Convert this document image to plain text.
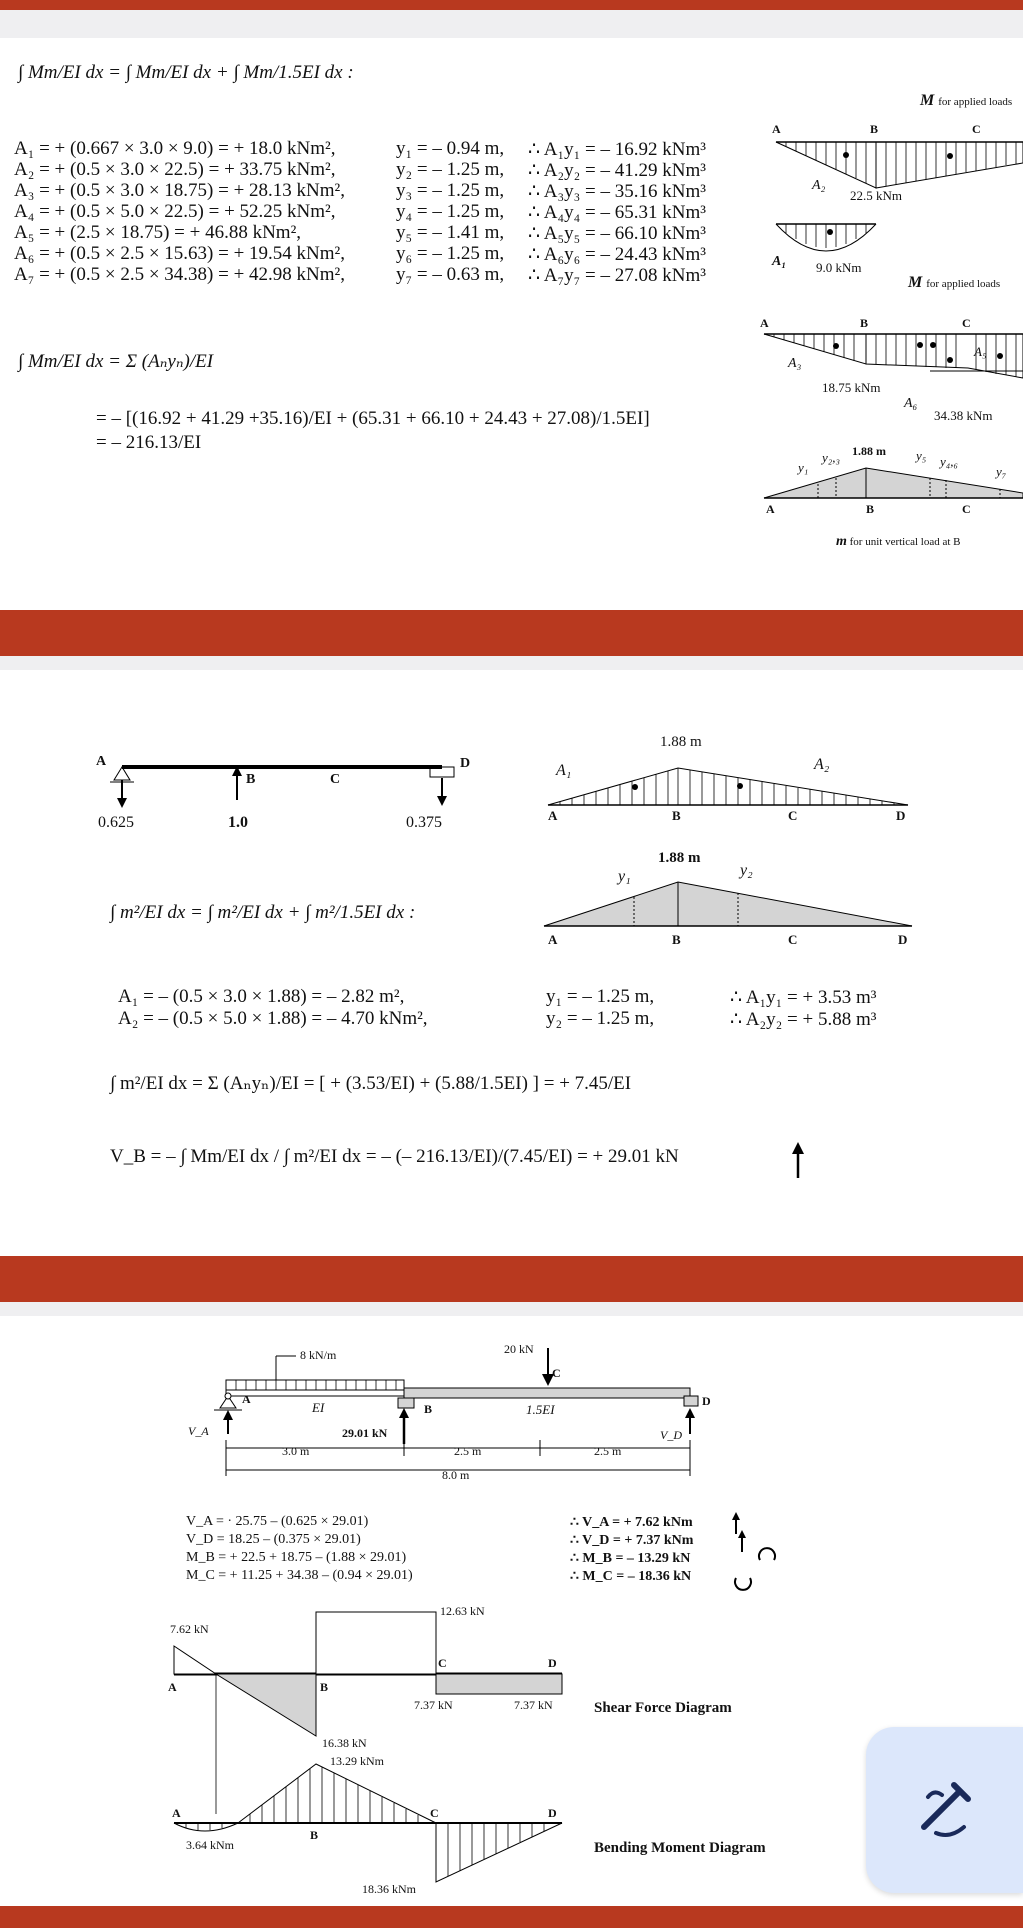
∫ Mm/EI dx = ∫ Mm/EI dx + ∫ Mm/1.5EI dx :
A₁ = + (0.667 × 3.0 × 9.0) = + 18.0 kNm²,	y₁ = – 0.94 m, ∴ A₁y₁ = – 16.92 kNm³
A₂ = + (0.5 × 3.0 × 22.5) = + 33.75 kNm²,	y₂ = – 1.25 m, ∴ A₂y₂ = – 41.29 kNm³
A₃ = + (0.5 × 3.0 × 18.75) = + 28.13 kNm²,	y₃ = – 1.25 m, ∴ A₃y₃ = – 35.16 kNm³
A₄ = + (0.5 × 5.0 × 22.5) = + 52.25 kNm²,	y₄ = – 1.25 m, ∴ A₄y₄ = – 65.31 kNm³
A₅ = + (2.5 × 18.75) = + 46.88 kNm²,	y₅ = – 1.41 m, ∴ A₅y₅ = – 66.10 kNm³
A₆ = + (0.5 × 2.5 × 15.63) = + 19.54 kNm²,	y₆ = – 1.25 m, ∴ A₆y₆ = – 24.43 kNm³
A₇ = + (0.5 × 2.5 × 34.38) = + 42.98 kNm²,	y₇ = – 0.63 m, ∴ A₇y₇ = – 27.08 kNm³
∫ Mm/EI dx = Σ (Aₙyₙ)/EI
= – [(16.92 + 41.29 +35.16)/EI + (65.31 + 66.10 + 24.43 + 27.08)/1.5EI]
= – 216.13/EI
M for applied loads
A	B	C
A₂
22.5 kNm
A₁ 9.0 kNm
M for applied loads
A	B	C
A₃
A₅
18.75 kNm
A₆
34.38 kNm
1.88 m
y₁
y₂,₃	y₅ y₄,₆
y₇
A	B	C
m for unit vertical load at B
A
B	C
D
0.625	1.0	0.375
1.88 m
A₁	A₂
A	B	C	D
1.88 m
y₁	y₂
A	B	C	D
∫ m²/EI dx = ∫ m²/EI dx + ∫ m²/1.5EI dx :
A₁ = – (0.5 × 3.0 × 1.88) = – 2.82 m²,	y₁ = – 1.25 m,	∴ A₁y₁ = + 3.53 m³
A₂ = – (0.5 × 5.0 × 1.88) = – 4.70 kNm²,	y₂ = – 1.25 m,	∴ A₂y₂ = + 5.88 m³
∫ m²/EI dx = Σ (Aₙyₙ)/EI = [ + (3.53/EI) + (5.88/1.5EI) ] = + 7.45/EI
V_B = – ∫ Mm/EI dx / ∫ m²/EI dx = – (– 216.13/EI)/(7.45/EI) = + 29.01 kN
8 kN/m	20 kN
A
EI	B	1.5EI
C
D
V_A	29.01 kN	V_D
3.0 m	2.5 m	2.5 m
8.0 m
V_A = · 25.75 – (0.625 × 29.01)	∴ V_A = + 7.62 kNm
V_D = 18.25 – (0.375 × 29.01)	∴ V_D = + 7.37 kNm
M_B = + 22.5 + 18.75 – (1.88 × 29.01)	∴ M_B = – 13.29 kN
M_C = + 11.25 + 34.38 – (0.94 × 29.01)	∴ M_C = – 18.36 kN
7.62 kN
12.63 kN
A	B
C	D
7.37 kN	7.37 kN
16.38 kN
Shear Force Diagram
13.29 kNm
A
B
C	D
3.64 kNm
18.36 kNm
Bending Moment Diagram
